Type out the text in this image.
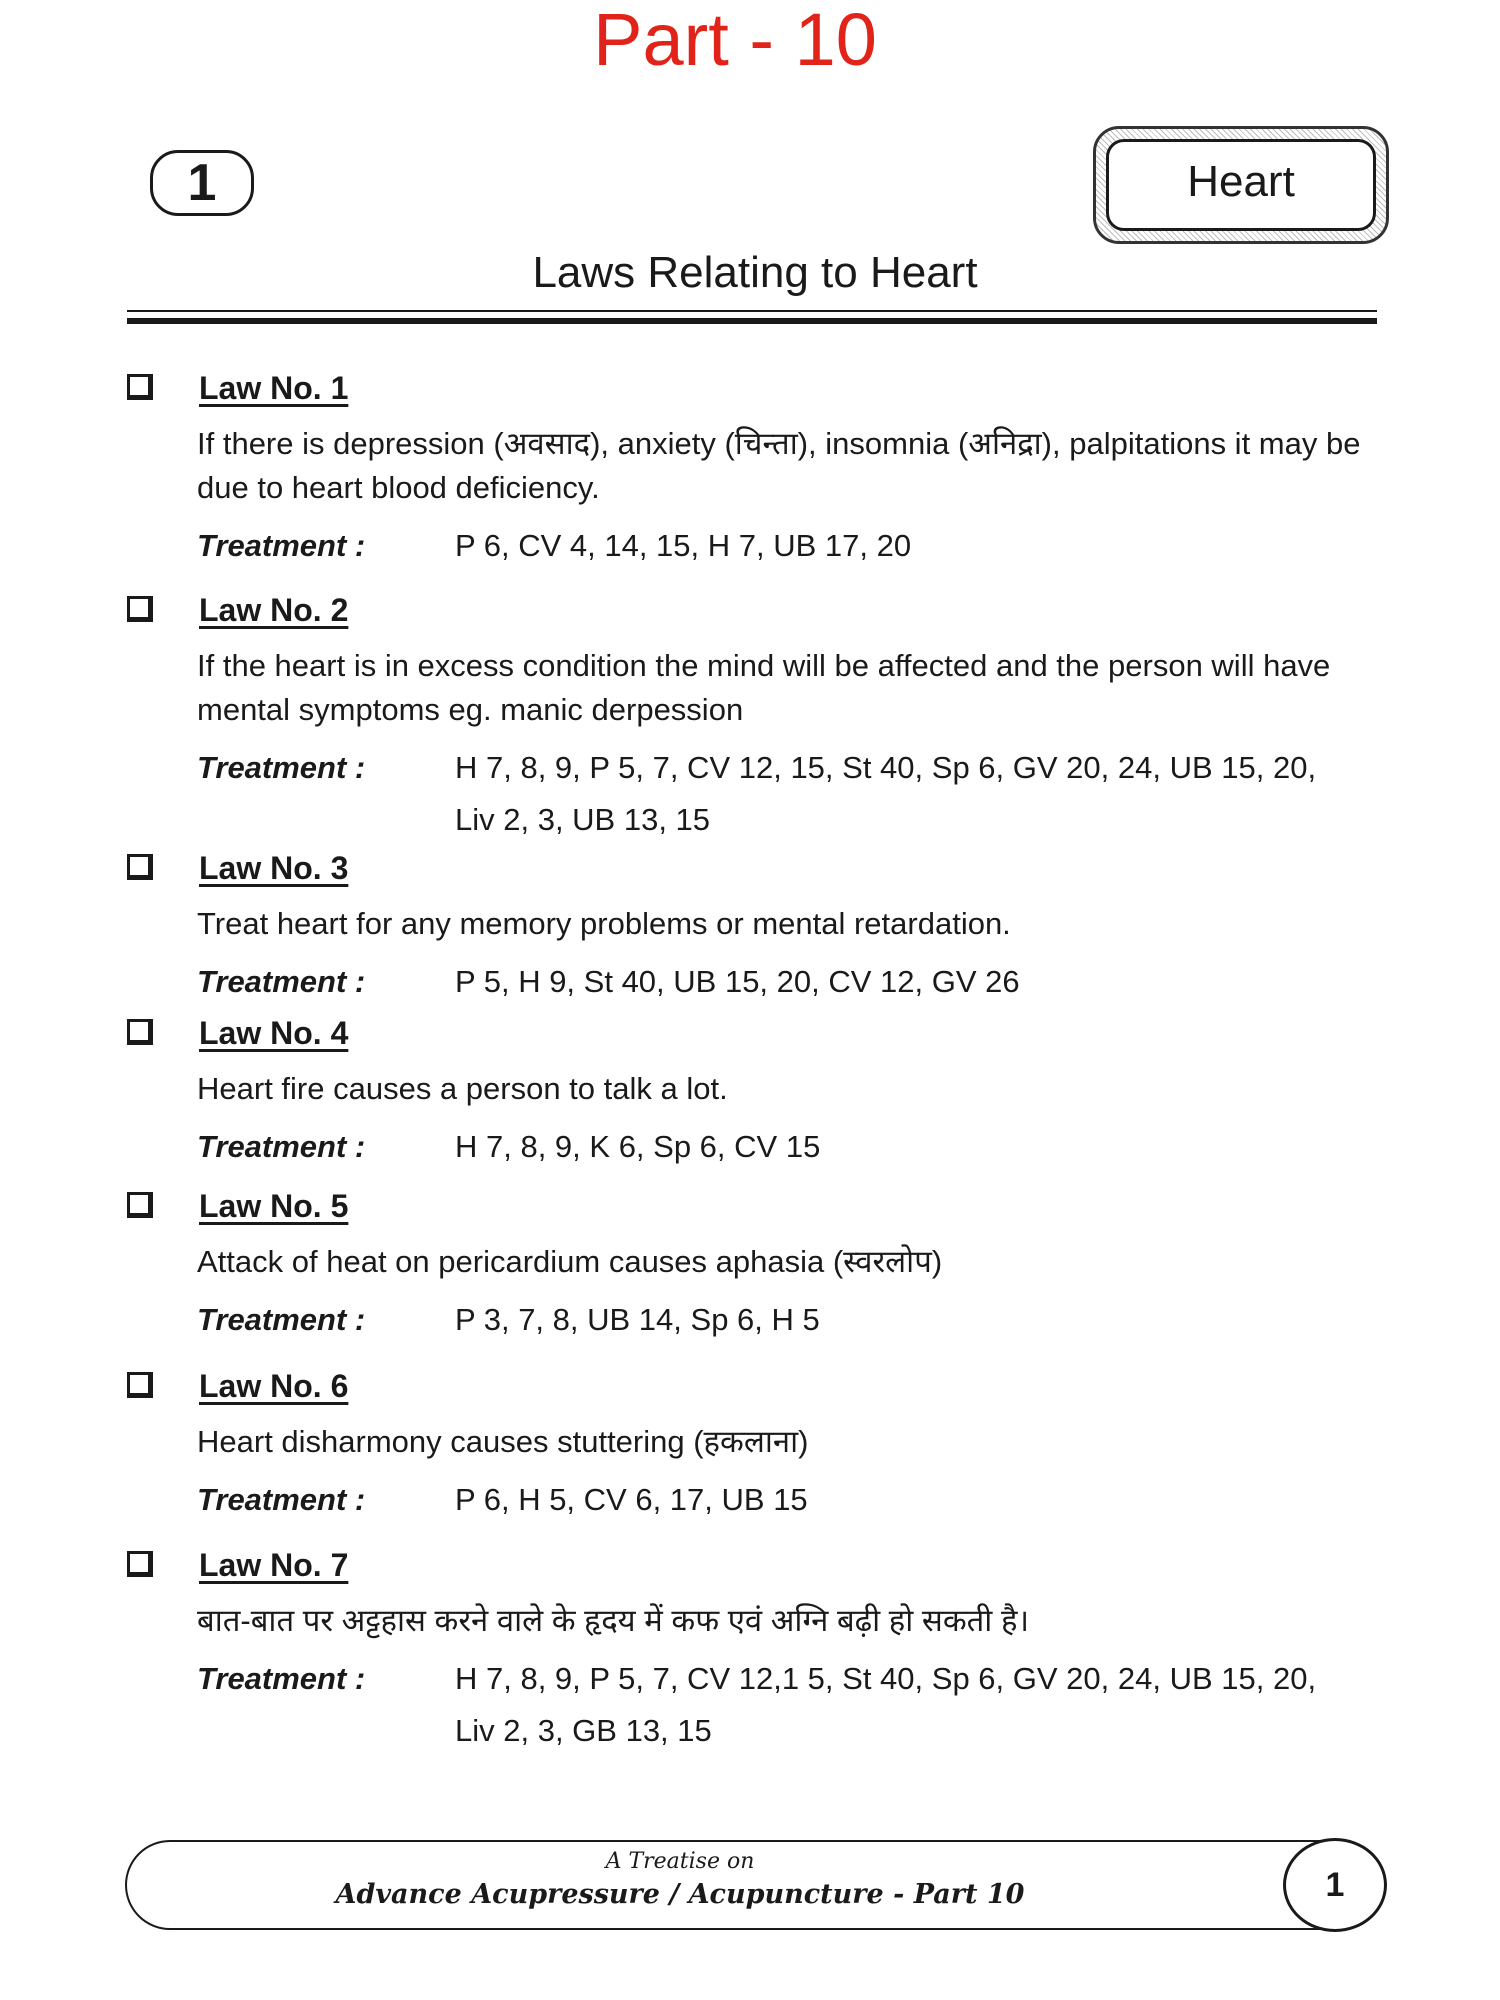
Part - 10
1	Heart
Laws Relating to Heart
Law No. 1
If there is depression (अवसाद), anxiety (चिन्ता), insomnia (अनिद्रा), palpitations it may be due to heart blood deficiency.
Treatment :	P 6, CV 4, 14, 15, H 7, UB 17, 20
Law No. 2
If the heart is in excess condition the mind will be affected and the person will have mental symptoms eg. manic derpession
Treatment :	H 7, 8, 9, P 5, 7, CV 12, 15, St 40, Sp 6, GV 20, 24, UB 15, 20, Liv 2, 3, UB 13, 15
Law No. 3
Treat heart for any memory problems or mental retardation.
Treatment :	P 5, H 9, St 40, UB 15, 20, CV 12, GV 26
Law No. 4
Heart fire causes a person to talk a lot.
Treatment :	H 7, 8, 9, K 6, Sp 6, CV 15
Law No. 5
Attack of heat on pericardium causes aphasia (स्वरलोप)
Treatment :	P 3, 7, 8, UB 14, Sp 6, H 5
Law No. 6
Heart disharmony causes stuttering (हकलाना)
Treatment :	P 6, H 5, CV 6, 17, UB 15
Law No. 7
बात-बात पर अट्टहास करने वाले के हृदय में कफ एवं अग्नि बढ़ी हो सकती है।
Treatment :	H 7, 8, 9, P 5, 7, CV 12,1 5, St 40, Sp 6, GV 20, 24, UB 15, 20, Liv 2, 3, GB 13, 15
A Treatise on
Advance Acupressure / Acupuncture - Part 10	1
